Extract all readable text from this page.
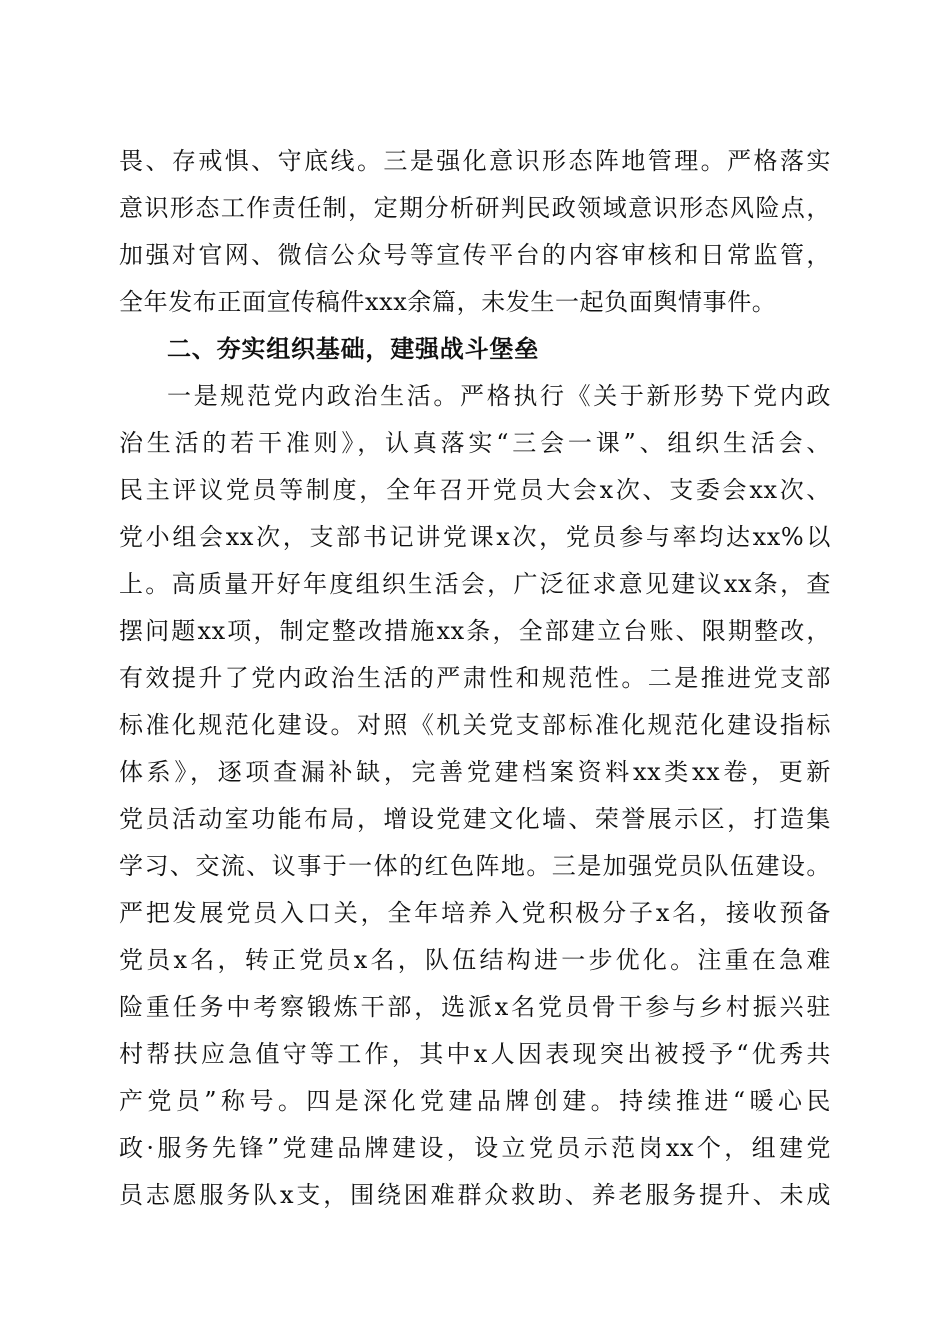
畏、存戒惧、守底线。三是强化意识形态阵地管理。严格落实
意识形态工作责任制，定期分析研判民政领域意识形态风险点，
加强对官网、微信公众号等宣传平台的内容审核和日常监管，
全年发布正面宣传稿件xxx余篇，未发生一起负面舆情事件。
二、夯实组织基础，建强战斗堡垒
一是规范党内政治生活。严格执行《关于新形势下党内政
治生活的若干准则》，认真落实“三会一课”、组织生活会、
民主评议党员等制度，全年召开党员大会x次、支委会xx次、
党小组会xx次，支部书记讲党课x次，党员参与率均达xx%以
上。高质量开好年度组织生活会，广泛征求意见建议xx条，查
摆问题xx项，制定整改措施xx条，全部建立台账、限期整改，
有效提升了党内政治生活的严肃性和规范性。二是推进党支部
标准化规范化建设。对照《机关党支部标准化规范化建设指标
体系》，逐项查漏补缺，完善党建档案资料xx类xx卷，更新
党员活动室功能布局，增设党建文化墙、荣誉展示区，打造集
学习、交流、议事于一体的红色阵地。三是加强党员队伍建设。
严把发展党员入口关，全年培养入党积极分子x名，接收预备
党员x名，转正党员x名，队伍结构进一步优化。注重在急难
险重任务中考察锻炼干部，选派x名党员骨干参与乡村振兴驻
村帮扶应急值守等工作，其中x人因表现突出被授予“优秀共
产党员”称号。四是深化党建品牌创建。持续推进“暖心民
政·服务先锋”党建品牌建设，设立党员示范岗xx个，组建党
员志愿服务队x支，围绕困难群众救助、养老服务提升、未成
